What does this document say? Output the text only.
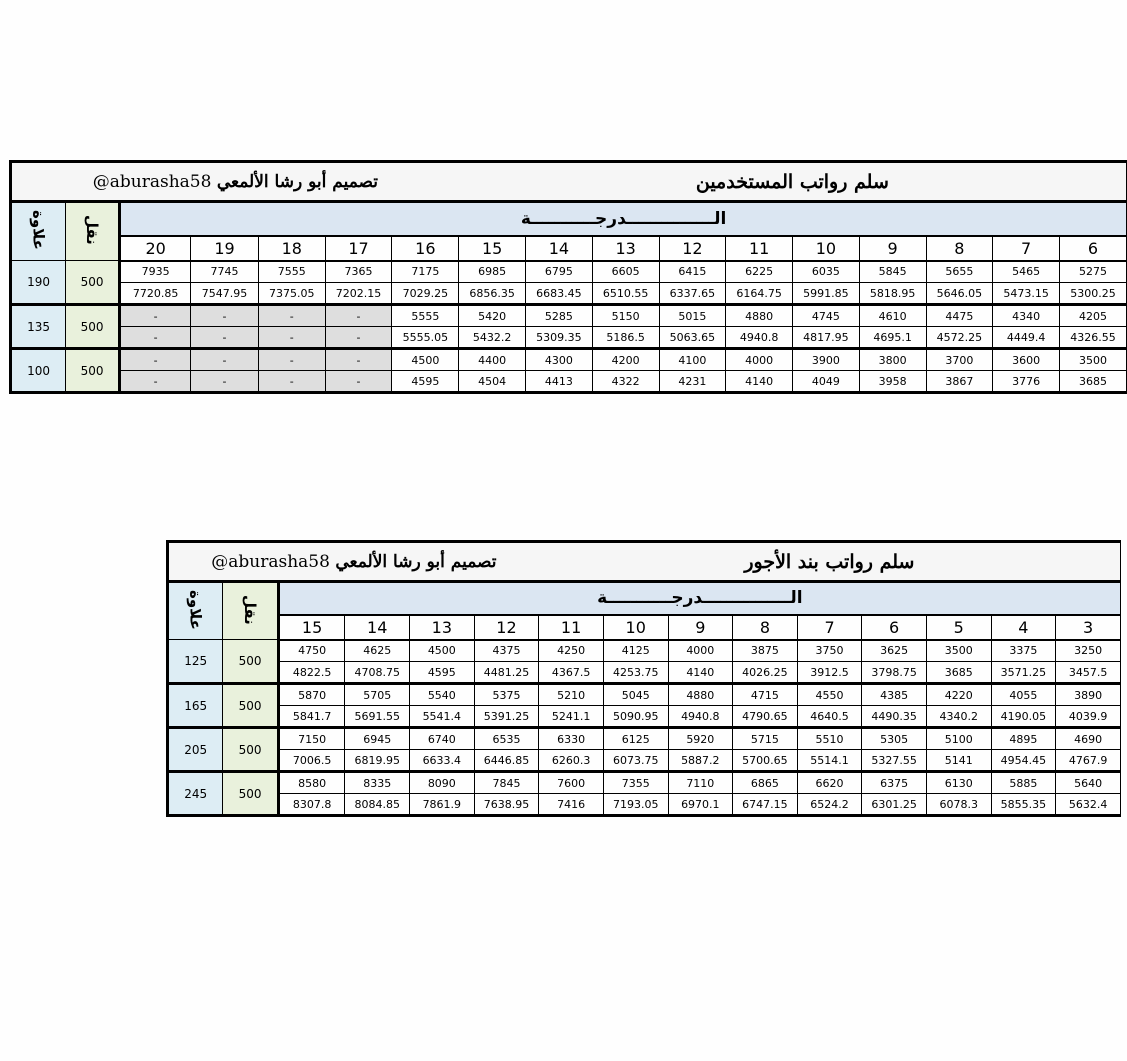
@aburasha58 تصميم أبو رشا الألمعي							سلم رواتب المستخدمين									
علاوة	نقل	الـــــــــــــــدرجـــــــــــة														
		20	19	18	17	16	15	14	13	12	11	10	9	8	7	6
190	500	7935	7745	7555	7365	7175	6985	6795	6605	6415	6225	6035	5845	5655	5465	5275
		7720.85	7547.95	7375.05	7202.15	7029.25	6856.35	6683.45	6510.55	6337.65	6164.75	5991.85	5818.95	5646.05	5473.15	5300.25
135	500	-	-	-	-	5555	5420	5285	5150	5015	4880	4745	4610	4475	4340	4205
		-	-	-	-	5555.05	5432.2	5309.35	5186.5	5063.65	4940.8	4817.95	4695.1	4572.25	4449.4	4326.55
100	500	-	-	-	-	4500	4400	4300	4200	4100	4000	3900	3800	3700	3600	3500
		-	-	-	-	4595	4504	4413	4322	4231	4140	4049	3958	3867	3776	3685
@aburasha58 تصميم أبو رشا الألمعي						سلم رواتب بند الأجور								
علاوة	نقل	الـــــــــــــــدرجـــــــــــة												
		15	14	13	12	11	10	9	8	7	6	5	4	3
125	500	4750	4625	4500	4375	4250	4125	4000	3875	3750	3625	3500	3375	3250
		4822.5	4708.75	4595	4481.25	4367.5	4253.75	4140	4026.25	3912.5	3798.75	3685	3571.25	3457.5
165	500	5870	5705	5540	5375	5210	5045	4880	4715	4550	4385	4220	4055	3890
		5841.7	5691.55	5541.4	5391.25	5241.1	5090.95	4940.8	4790.65	4640.5	4490.35	4340.2	4190.05	4039.9
205	500	7150	6945	6740	6535	6330	6125	5920	5715	5510	5305	5100	4895	4690
		7006.5	6819.95	6633.4	6446.85	6260.3	6073.75	5887.2	5700.65	5514.1	5327.55	5141	4954.45	4767.9
245	500	8580	8335	8090	7845	7600	7355	7110	6865	6620	6375	6130	5885	5640
		8307.8	8084.85	7861.9	7638.95	7416	7193.05	6970.1	6747.15	6524.2	6301.25	6078.3	5855.35	5632.4
